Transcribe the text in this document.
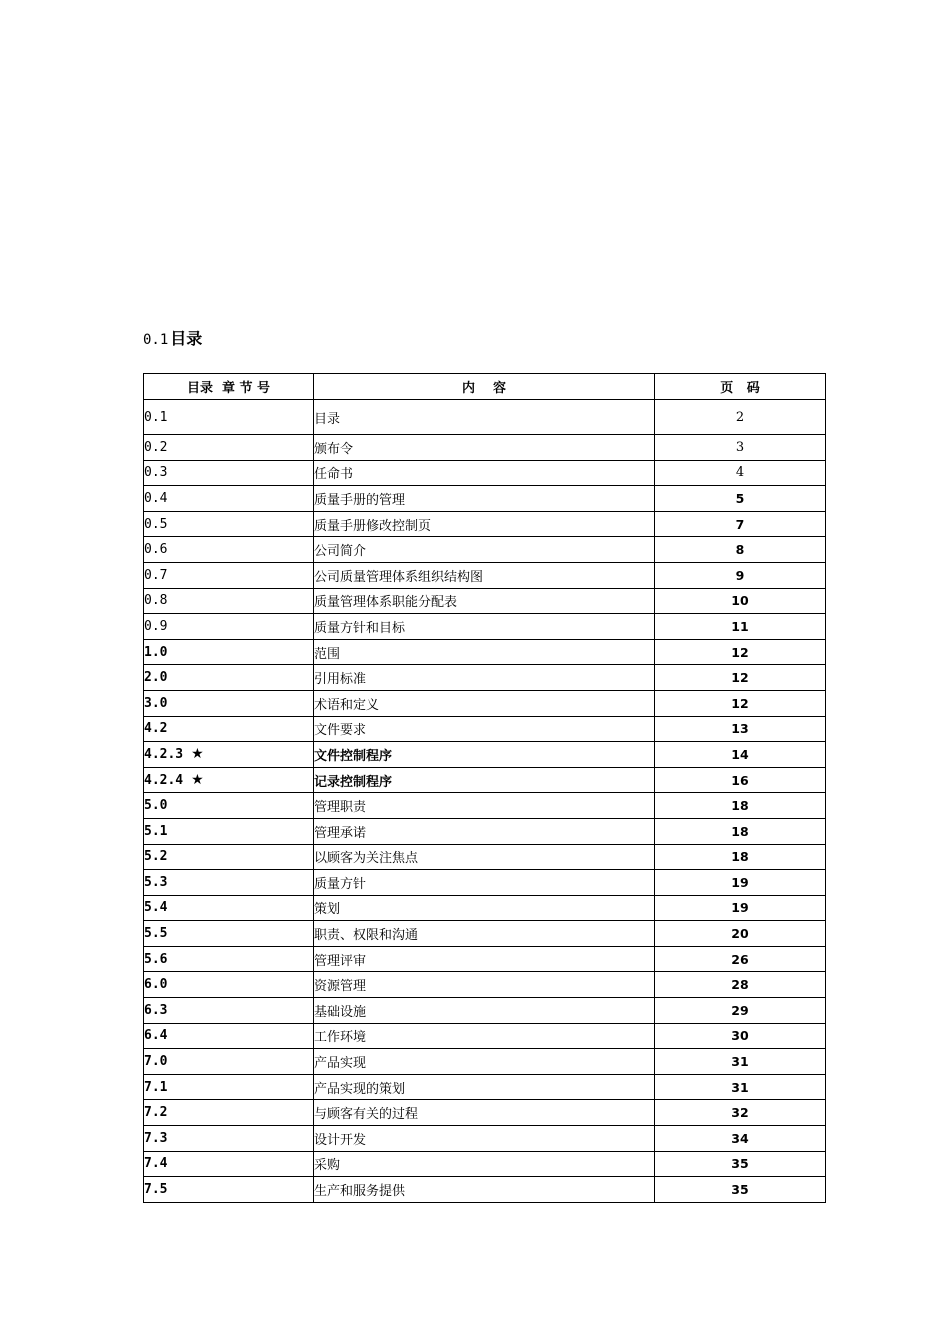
0.1 目录
目录  章 节 号	内    容	页   码
0.1	目录	2
0.2	颁布令	3
0.3	任命书	4
0.4	质量手册的管理	5
0.5	质量手册修改控制页	7
0.6	公司简介	8
0.7	公司质量管理体系组织结构图	9
0.8	质量管理体系职能分配表	10
0.9	质量方针和目标	11
1.0	范围	12
2.0	引用标准	12
3.0	术语和定义	12
4.2	文件要求	13
4.2.3 ★	文件控制程序	14
4.2.4 ★	记录控制程序	16
5.0	管理职责	18
5.1	管理承诺	18
5.2	以顾客为关注焦点	18
5.3	质量方针	19
5.4	策划	19
5.5	职责、权限和沟通	20
5.6	管理评审	26
6.0	资源管理	28
6.3	基础设施	29
6.4	工作环境	30
7.0	产品实现	31
7.1	产品实现的策划	31
7.2	与顾客有关的过程	32
7.3	设计开发	34
7.4	采购	35
7.5	生产和服务提供	35
